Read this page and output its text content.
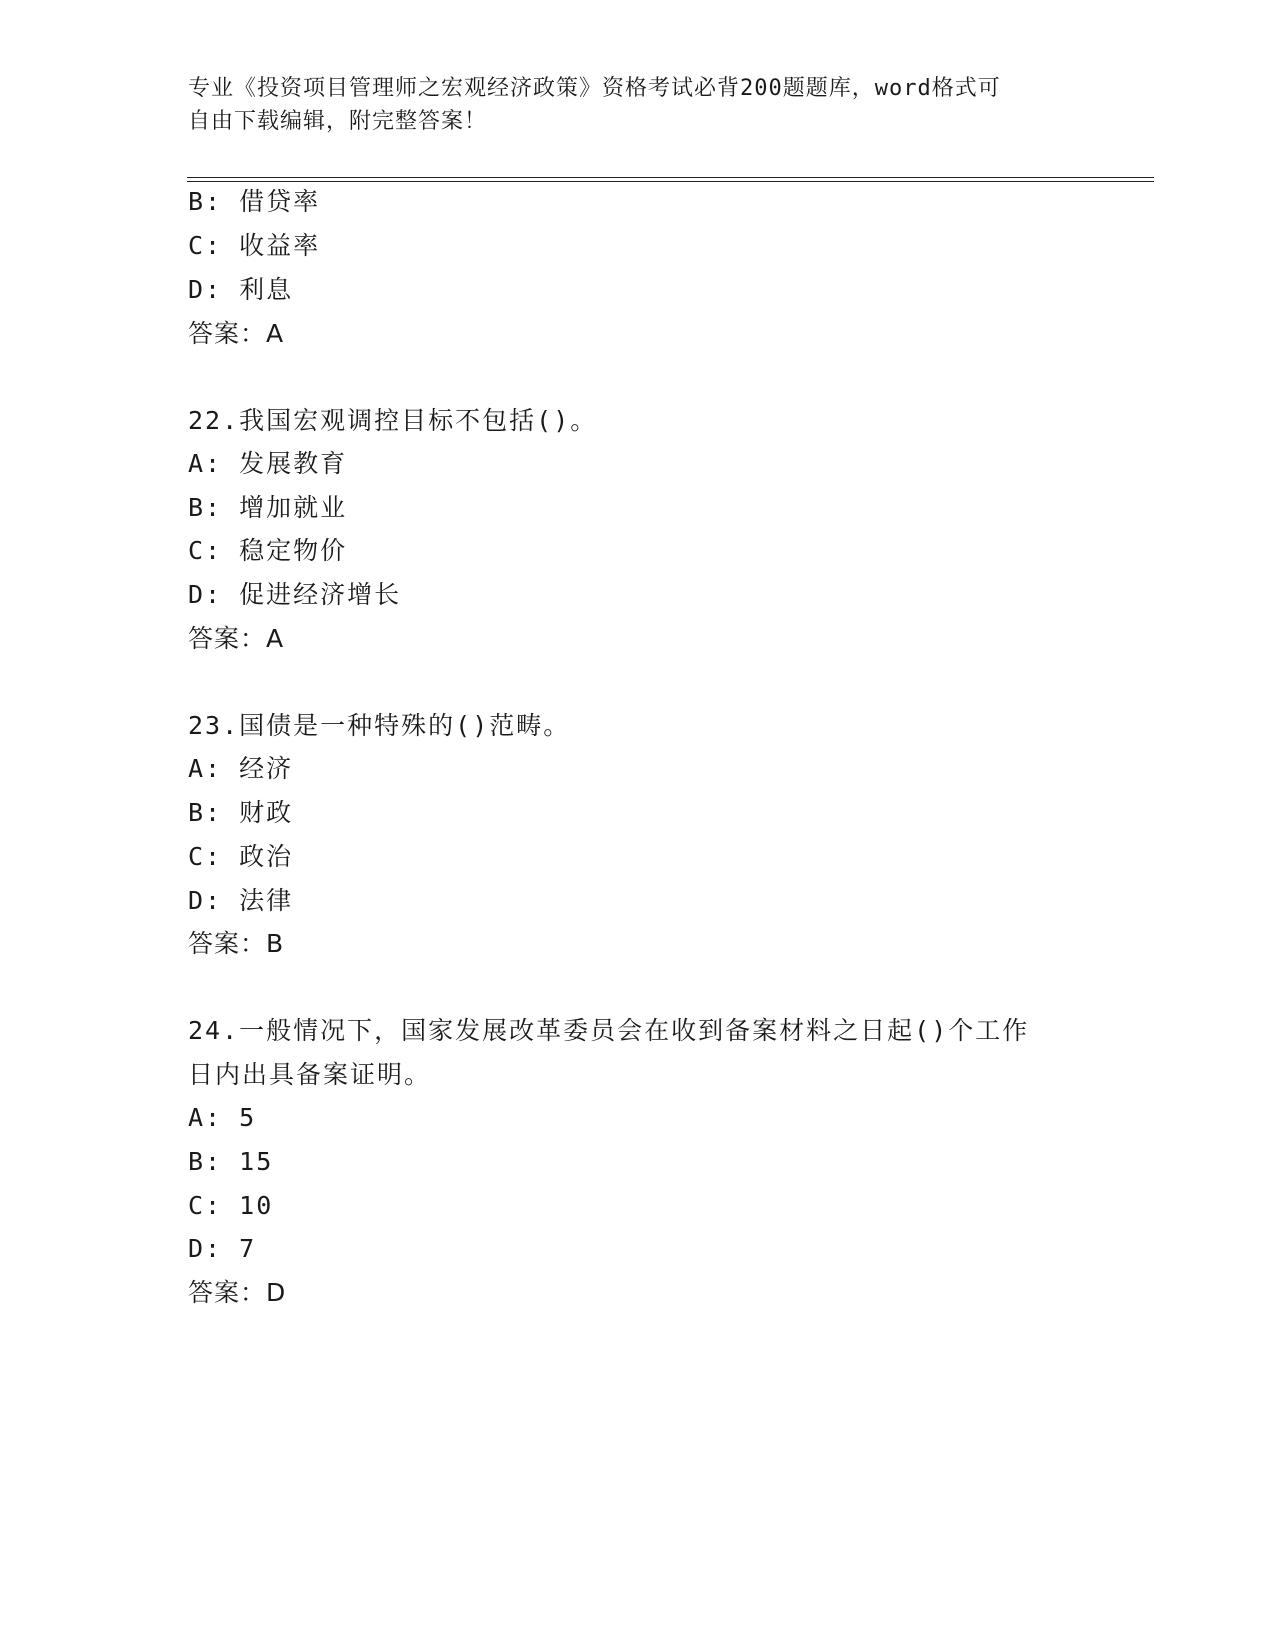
专业《投资项目管理师之宏观经济政策》资格考试必背200题题库，word格式可
自由下载编辑，附完整答案！
B: 借贷率
C: 收益率
D: 利息
答案：A
22.我国宏观调控目标不包括()。
A: 发展教育
B: 增加就业
C: 稳定物价
D: 促进经济增长
答案：A
23.国债是一种特殊的()范畴。
A: 经济
B: 财政
C: 政治
D: 法律
答案：B
24.一般情况下，国家发展改革委员会在收到备案材料之日起()个工作
日内出具备案证明。
A: 5
B: 15
C: 10
D: 7
答案：D
